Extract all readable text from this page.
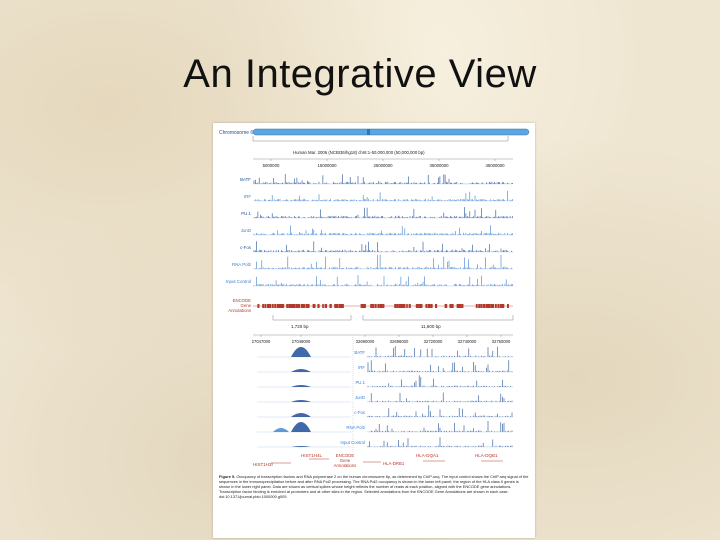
An Integrative View
Chromosome 6
Human Mar. 2006 (NCBI36/hg18) chr6:1-50,000,000 (50,000,000 bp)
5000000	15000000	25000000	35000000	45000000
BATF
IRF
PU.1
JunD
c-Fos
RNA Pol2
Input Control
ENCODE
Gene
Annotations
1,720 bp	11,600 bp
27047000	27049000	32690000	32696000	32720000	32740000	32750000
BATF
IRF
PU.1
JunD
c-Fos
RNA Pol2
Input Control
HIST1H4L
HIST1H3I	HLA-DRB1
HLA-DQA1	HLA-DQB1
ENCODE
Gene
Annotations
Figure 5. Occupancy of transcription factors and RNA polymerase 2 on the human chromosome 6p, as determined by ChIP-seq. The input control shows the ChIP-seq signal of the sequences in the immunoprecipitation before and after RNA Pol2 processing. The RNA Pol2 occupancy is shown in the lower left panel; the region of the HLA class II genes is shown in the lower right panel. Data are shown as vertical spikes whose height reflects the number of reads at each position, aligned with the ENCODE gene annotations. Transcription factor binding is enriched at promoters and at other sites in the region. Selected annotations from the ENCODE Gene Annotations are shown in each case. doi:10.1371/journal.pbio.1000000.g005
